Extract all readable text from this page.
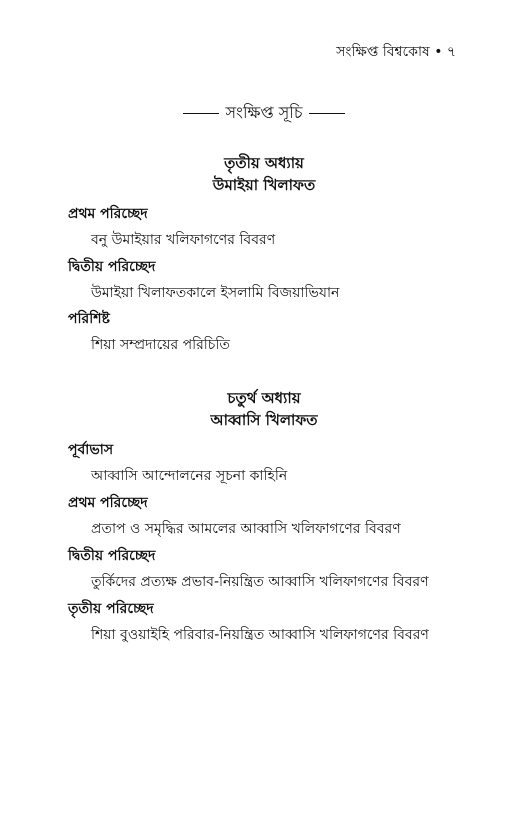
সংক্ষিপ্ত বিশ্বকোষ • ৭
সংক্ষিপ্ত সূচি
তৃতীয় অধ্যায়
উমাইয়া খিলাফত
প্রথম পরিচ্ছেদ
বনু উমাইয়ার খলিফাগণের বিবরণ
দ্বিতীয় পরিচ্ছেদ
উমাইয়া খিলাফতকালে ইসলামি বিজয়াভিযান
পরিশিষ্ট
শিয়া সম্প্রদায়ের পরিচিতি
চতুর্থ অধ্যায়
আব্বাসি খিলাফত
পূর্বাভাস
আব্বাসি আন্দোলনের সূচনা কাহিনি
প্রথম পরিচ্ছেদ
প্রতাপ ও সমৃদ্ধির আমলের আব্বাসি খলিফাগণের বিবরণ
দ্বিতীয় পরিচ্ছেদ
তুর্কিদের প্রত্যক্ষ প্রভাব-নিয়ন্ত্রিত আব্বাসি খলিফাগণের বিবরণ
তৃতীয় পরিচ্ছেদ
শিয়া বুওয়াইহি পরিবার-নিয়ন্ত্রিত আব্বাসি খলিফাগণের বিবরণ
